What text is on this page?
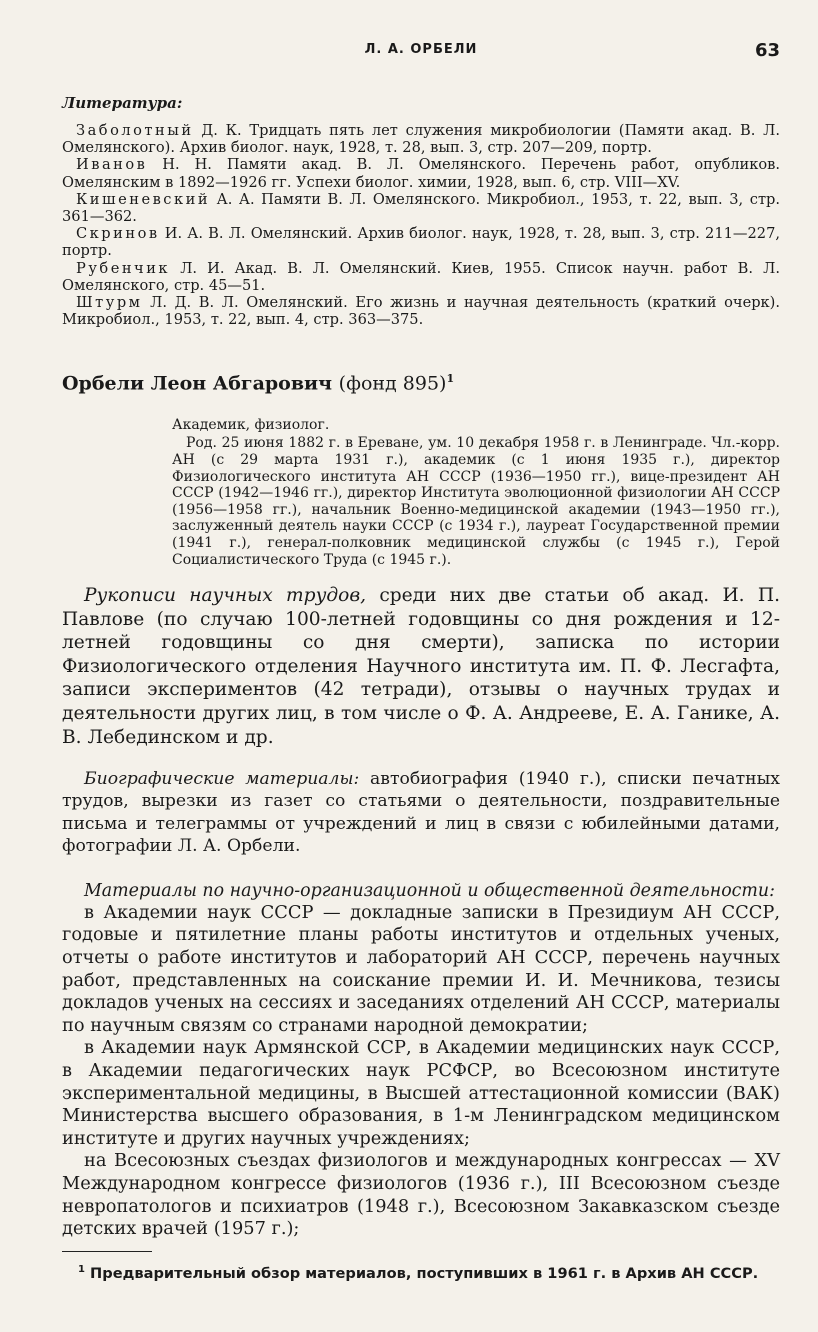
Л. А. ОРБЕЛИ	63
Литература:

Заболотный Д. К. Тридцать пять лет служения микробиологии (Памяти акад. В. Л. Омелянского). Архив биолог. наук, 1928, т. 28, вып. 3, стр. 207—209, портр.

Иванов Н. Н. Памяти акад. В. Л. Омелянского. Перечень работ, опубликов. Омелянским в 1892—1926 гг. Успехи биолог. химии, 1928, вып. 6, стр. VIII—XV.

Кишеневский А. А. Памяти В. Л. Омелянского. Микробиол., 1953, т. 22, вып. 3, стр. 361—362.

Скринов И. А. В. Л. Омелянский. Архив биолог. наук, 1928, т. 28, вып. 3, стр. 211—227, портр.

Рубенчик Л. И. Акад. В. Л. Омелянский. Киев, 1955. Список научн. работ В. Л. Омелянского, стр. 45—51.

Штурм Л. Д. В. Л. Омелянский. Его жизнь и научная деятельность (краткий очерк). Микробиол., 1953, т. 22, вып. 4, стр. 363—375.

Орбели Леон Абгарович (фонд 895)$^1$

Академик, физиолог.

Род. 25 июня 1882 г. в Ереване, ум. 10 декабря 1958 г. в Ленинграде. Чл.-корр. АН (с 29 марта 1931 г.), академик (с 1 июня 1935 г.), директор Физиологического института АН СССР (1936—1950 гг.), вице-президент АН СССР (1942—1946 гг.), директор Института эволюционной физиологии АН СССР (1956—1958 гг.), начальник Военно-медицинской академии (1943—1950 гг.), заслуженный деятель науки СССР (с 1934 г.), лауреат Государственной премии (1941 г.), генерал-полковник медицинской службы (с 1945 г.), Герой Социалистического Труда (с 1945 г.).

Рукописи научных трудов, среди них две статьи об акад. И. П. Павлове (по случаю 100-летней годовщины со дня рождения и 12-летней годовщины со дня смерти), записка по истории Физиологического отделения Научного института им. П. Ф. Лесгафта, записи экспериментов (42 тетради), отзывы о научных трудах и деятельности других лиц, в том числе о Ф. А. Андрееве, Е. А. Ганике, А. В. Лебединском и др.

Биографические материалы: автобиография (1940 г.), списки печатных трудов, вырезки из газет со статьями о деятельности, поздравительные письма и телеграммы от учреждений и лиц в связи с юбилейными датами, фотографии Л. А. Орбели.

Материалы по научно-организационной и общественной деятельности:

в Академии наук СССР — докладные записки в Президиум АН СССР, годовые и пятилетние планы работы институтов и отдельных ученых, отчеты о работе институтов и лабораторий АН СССР, перечень научных работ, представленных на соискание премии И. И. Мечникова, тезисы докладов ученых на сессиях и заседаниях отделений АН СССР, материалы по научным связям со странами народной демократии;

в Академии наук Армянской ССР, в Академии медицинских наук СССР, в Академии педагогических наук РСФСР, во Всесоюзном институте экспериментальной медицины, в Высшей аттестационной комиссии (ВАК) Министерства высшего образования, в 1-м Ленинградском медицинском институте и других научных учреждениях;

на Всесоюзных съездах физиологов и международных конгрессах — XV Международном конгрессе физиологов (1936 г.), III Всесоюзном съезде невропатологов и психиатров (1948 г.), Всесоюзном Закавказском съезде детских врачей (1957 г.);

$^1$ Предварительный обзор материалов, поступивших в 1961 г. в Архив АН СССР.
